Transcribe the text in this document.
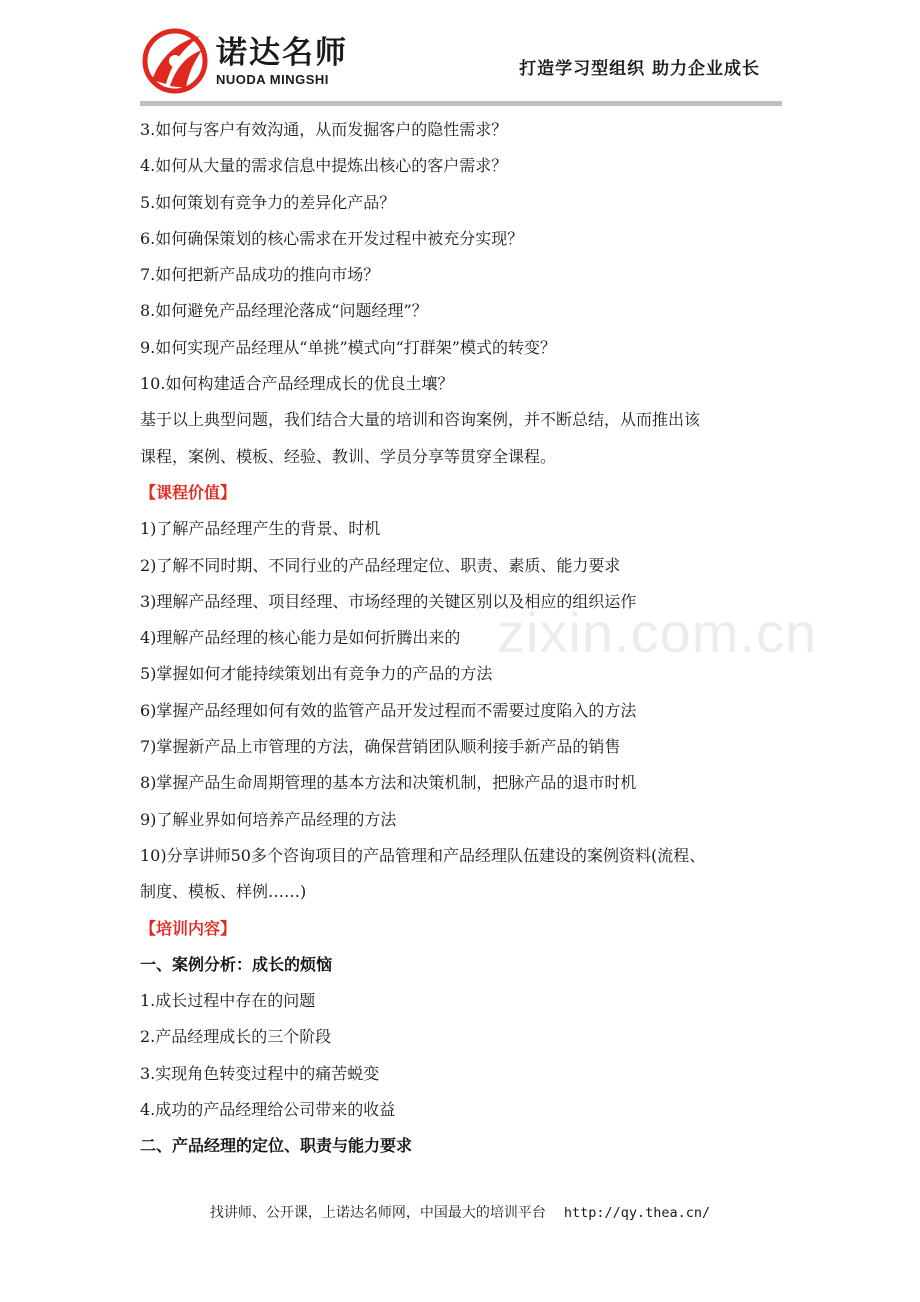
诺达名师
NUODA MINGSHI
打造学习型组织 助力企业成长
zixin.com.cn
3.如何与客户有效沟通，从而发掘客户的隐性需求？
4.如何从大量的需求信息中提炼出核心的客户需求？
5.如何策划有竞争力的差异化产品？
6.如何确保策划的核心需求在开发过程中被充分实现？
7.如何把新产品成功的推向市场？
8.如何避免产品经理沦落成“问题经理”？
9.如何实现产品经理从“单挑”模式向“打群架”模式的转变？
10.如何构建适合产品经理成长的优良土壤？
基于以上典型问题，我们结合大量的培训和咨询案例，并不断总结，从而推出该
课程，案例、模板、经验、教训、学员分享等贯穿全课程。
【课程价值】
1)了解产品经理产生的背景、时机
2)了解不同时期、不同行业的产品经理定位、职责、素质、能力要求
3)理解产品经理、项目经理、市场经理的关键区别以及相应的组织运作
4)理解产品经理的核心能力是如何折腾出来的
5)掌握如何才能持续策划出有竞争力的产品的方法
6)掌握产品经理如何有效的监管产品开发过程而不需要过度陷入的方法
7)掌握新产品上市管理的方法，确保营销团队顺利接手新产品的销售
8)掌握产品生命周期管理的基本方法和决策机制，把脉产品的退市时机
9)了解业界如何培养产品经理的方法
10)分享讲师50多个咨询项目的产品管理和产品经理队伍建设的案例资料(流程、
制度、模板、样例……)
【培训内容】
一、案例分析：成长的烦恼
1.成长过程中存在的问题
2.产品经理成长的三个阶段
3.实现角色转变过程中的痛苦蜕变
4.成功的产品经理给公司带来的收益
二、产品经理的定位、职责与能力要求
找讲师、公开课，上诺达名师网，中国最大的培训平台 http://qy.thea.cn/
